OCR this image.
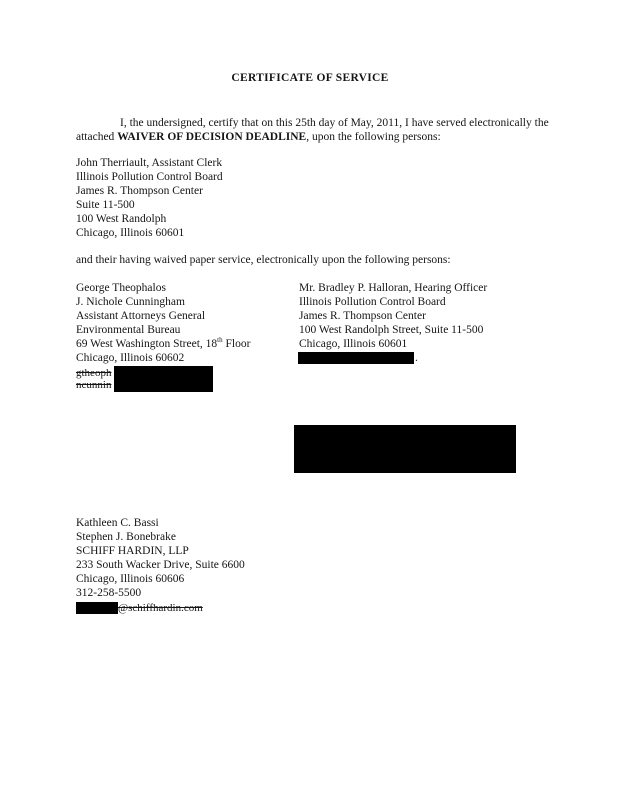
CERTIFICATE OF SERVICE
I, the undersigned, certify that on this 25th day of May, 2011, I have served electronically the attached WAIVER OF DECISION DEADLINE, upon the following persons:
John Therriault, Assistant Clerk
Illinois Pollution Control Board
James R. Thompson Center
Suite 11-500
100 West Randolph
Chicago, Illinois 60601
and their having waived paper service, electronically upon the following persons:
George Theophalos
J. Nichole Cunningham
Assistant Attorneys General
Environmental Bureau
69 West Washington Street, 18th Floor
Chicago, Illinois 60602
gtheoph
ncunnin
Mr. Bradley P. Halloran, Hearing Officer
Illinois Pollution Control Board
James R. Thompson Center
100 West Randolph Street, Suite 11-500
Chicago, Illinois 60601
.
Kathleen C. Bassi
Stephen J. Bonebrake
SCHIFF HARDIN, LLP
233 South Wacker Drive, Suite 6600
Chicago, Illinois 60606
312-258-5500
@schiffhardin.com
